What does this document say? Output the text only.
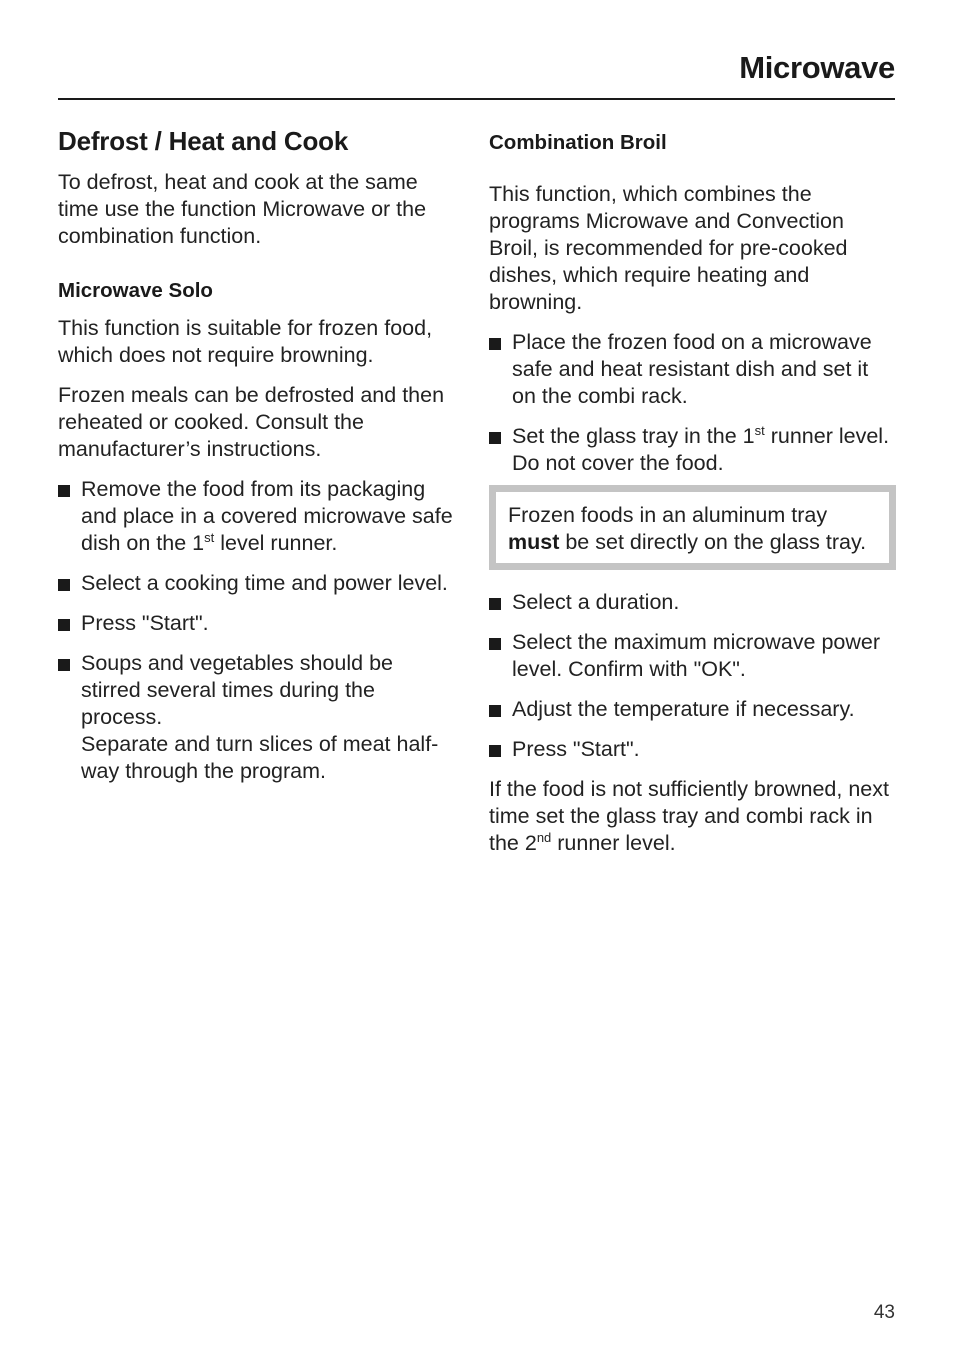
Microwave
Defrost / Heat and Cook

To defrost, heat and cook at the same time use the function Microwave or the combination function.

Microwave Solo

This function is suitable for frozen food, which does not require browning.

Frozen meals can be defrosted and then reheated or cooked. Consult the manufacturer’s instructions.

Remove the food from its packaging and place in a covered microwave safe dish on the 1st level runner.
Select a cooking time and power level.
Press "Start".
Soups and vegetables should be stirred several times during the process.
Separate and turn slices of meat half-way through the program.
Combination Broil

This function, which combines the programs Microwave and Convection Broil, is recommended for pre-cooked dishes, which require heating and browning.

Place the frozen food on a microwave safe and heat resistant dish and set it on the combi rack.
Set the glass tray in the 1st runner level. Do not cover the food.
Frozen foods in an aluminum tray must be set directly on the glass tray.
Select a duration.
Select the maximum microwave power level. Confirm with "OK".
Adjust the temperature if necessary.
Press "Start".

If the food is not sufficiently browned, next time set the glass tray and combi rack in the 2nd runner level.

43
